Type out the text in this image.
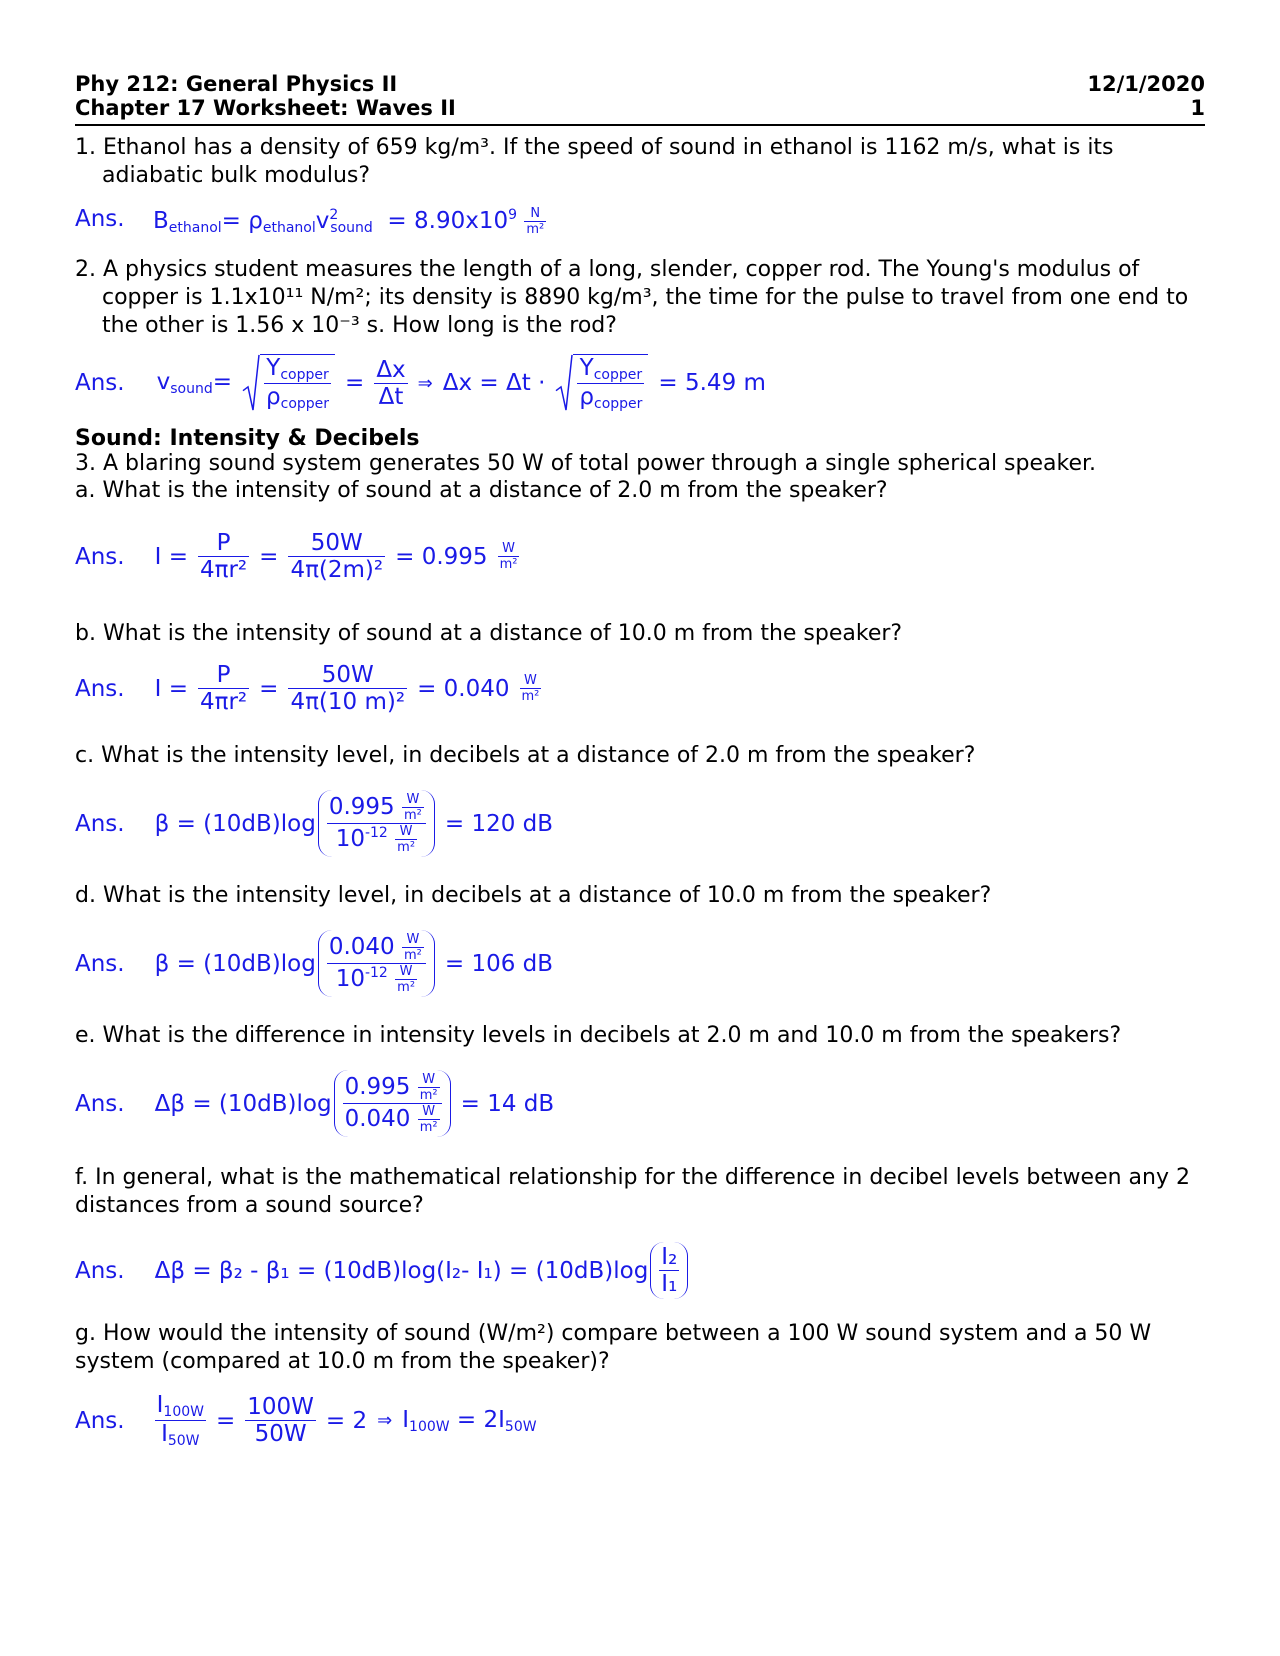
Phy 212: General Physics II	12/1/2020
Chapter 17 Worksheet: Waves II	1
1. Ethanol has a density of 659 kg/m³. If the speed of sound in ethanol is 1162 m/s, what is its adiabatic bulk modulus?
Ans. $B_{ethanol}= \rho_{ethanol}v^2_{sound} = 8.90x10^9 \frac{N}{\text{m²}}$
2. A physics student measures the length of a long, slender, copper rod. The Young's modulus of copper is 1.1x10¹¹ N/m²; its density is 8890 kg/m³, the time for the pulse to travel from one end to the other is 1.56 x 10⁻³ s. How long is the rod?
Ans. $v_{sound}=$
$Y_{copper}$
$\rho_{copper}$
= $\frac{\Delta x}{\Delta t}$ ⇒ Δx = Δt ·
$Y_{copper}$
$\rho_{copper}$
= 5.49 m
Sound: Intensity & Decibels
3. A blaring sound system generates 50 W of total power through a single spherical speaker.
a. What is the intensity of sound at a distance of 2.0 m from the speaker?
Ans. $I = \frac{P}{\text{4πr²}} = \frac{50W}{\text{4π(2m)²}} = 0.995$	W
m²
b. What is the intensity of sound at a distance of 10.0 m from the speaker?
Ans. $I = \frac{P}{\text{4πr²}} = \frac{50W}{\text{4π(10 m)²}} = 0.040$	W
m²
c. What is the intensity level, in decibels at a distance of 2.0 m from the speaker?
Ans. $\beta = (10dB)\log \frac{0.995 \frac{W}{\text{m²}}}{10^{-12} \frac{W}{\text{m²}}} = 120$ dB
d. What is the intensity level, in decibels at a distance of 10.0 m from the speaker?
Ans. $\beta = (10dB)\log \frac{0.040 \frac{W}{\text{m²}}}{10^{-12} \frac{W}{\text{m²}}} = 106$ dB
e. What is the difference in intensity levels in decibels at 2.0 m and 10.0 m from the speakers?
Ans. $\Delta\beta = (10dB)\log \frac{0.995 \frac{W}{\text{m²}}}{0.040 \frac{W}{\text{m²}}} = 14$ dB
f. In general, what is the mathematical relationship for the difference in decibel levels between any 2 distances from a sound source?
Ans. Δβ = β₂ - β₁ = (10dB)log(I₂- $I_1) = (10dB)\log \frac{\text{I₂}}{\text{I₁}}$
g. How would the intensity of sound (W/m²) compare between a 100 W sound system and a 50 W system (compared at 10.0 m from the speaker)?
Ans. $\frac{I_{100W}}{I_{50W}} = \frac{100W}{50W} = 2$ ⇒ $I_{100W} = 2I_{50W}$
